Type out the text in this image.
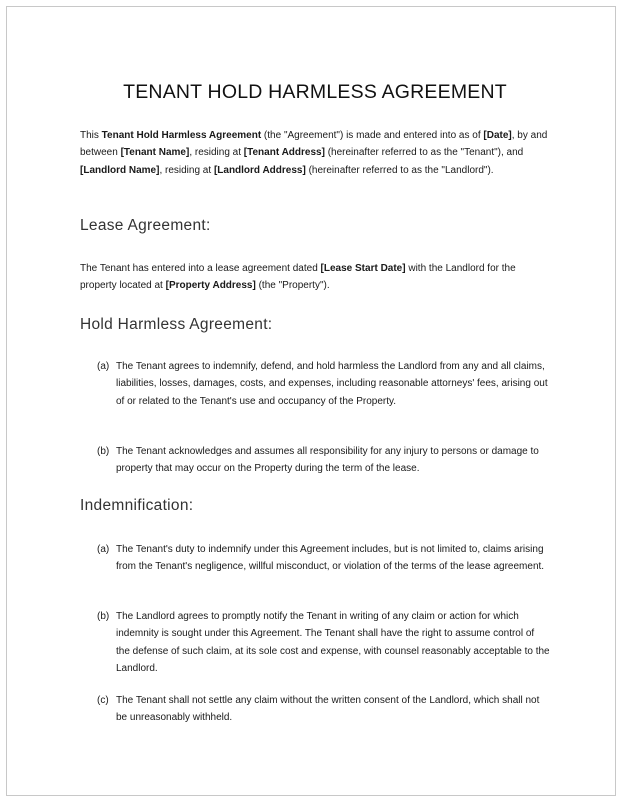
TENANT HOLD HARMLESS AGREEMENT

This Tenant Hold Harmless Agreement (the "Agreement") is made and entered into as of [Date], by and between [Tenant Name], residing at [Tenant Address] (hereinafter referred to as the "Tenant"), and [Landlord Name], residing at [Landlord Address] (hereinafter referred to as the "Landlord").

Lease Agreement:

The Tenant has entered into a lease agreement dated [Lease Start Date] with the Landlord for the property located at [Property Address] (the "Property").

Hold Harmless Agreement:
(a) The Tenant agrees to indemnify, defend, and hold harmless the Landlord from any and all claims, liabilities, losses, damages, costs, and expenses, including reasonable attorneys' fees, arising out of or related to the Tenant's use and occupancy of the Property.
(b) The Tenant acknowledges and assumes all responsibility for any injury to persons or damage to property that may occur on the Property during the term of the lease.
Indemnification:
(a) The Tenant's duty to indemnify under this Agreement includes, but is not limited to, claims arising from the Tenant's negligence, willful misconduct, or violation of the terms of the lease agreement.
(b) The Landlord agrees to promptly notify the Tenant in writing of any claim or action for which indemnity is sought under this Agreement. The Tenant shall have the right to assume control of the defense of such claim, at its sole cost and expense, with counsel reasonably acceptable to the Landlord.
(c) The Tenant shall not settle any claim without the written consent of the Landlord, which shall not be unreasonably withheld.
